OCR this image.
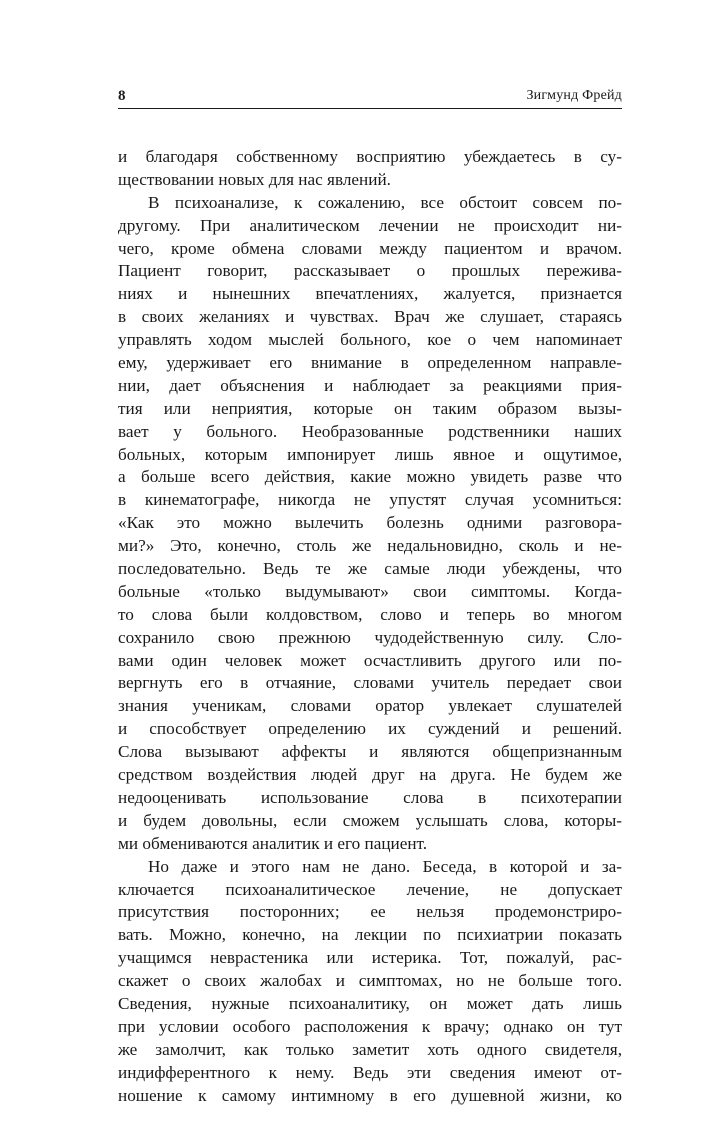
8	Зигмунд Фрейд
и благодаря собственному восприятию убеждаетесь в су-
ществовании новых для нас явлений.
В психоанализе, к сожалению, все обстоит совсем по-
другому. При аналитическом лечении не происходит ни-
чего, кроме обмена словами между пациентом и врачом.
Пациент говорит, рассказывает о прошлых пережива-
ниях и нынешних впечатлениях, жалуется, признается
в своих желаниях и чувствах. Врач же слушает, стараясь
управлять ходом мыслей больного, кое о чем напоминает
ему, удерживает его внимание в определенном направле-
нии, дает объяснения и наблюдает за реакциями прия-
тия или неприятия, которые он таким образом вызы-
вает у больного. Необразованные родственники наших
больных, которым импонирует лишь явное и ощутимое,
а больше всего действия, какие можно увидеть разве что
в кинематографе, никогда не упустят случая усомниться:
«Как это можно вылечить болезнь одними разговора-
ми?» Это, конечно, столь же недальновидно, сколь и не-
последовательно. Ведь те же самые люди убеждены, что
больные «только выдумывают» свои симптомы. Когда-
то слова были колдовством, слово и теперь во многом
сохранило свою прежнюю чудодейственную силу. Сло-
вами один человек может осчастливить другого или по-
вергнуть его в отчаяние, словами учитель передает свои
знания ученикам, словами оратор увлекает слушателей
и способствует определению их суждений и решений.
Слова вызывают аффекты и являются общепризнанным
средством воздействия людей друг на друга. Не будем же
недооценивать использование слова в психотерапии
и будем довольны, если сможем услышать слова, которы-
ми обмениваются аналитик и его пациент.
Но даже и этого нам не дано. Беседа, в которой и за-
ключается психоаналитическое лечение, не допускает
присутствия посторонних; ее нельзя продемонстриро-
вать. Можно, конечно, на лекции по психиатрии показать
учащимся неврастеника или истерика. Тот, пожалуй, рас-
скажет о своих жалобах и симптомах, но не больше того.
Сведения, нужные психоаналитику, он может дать лишь
при условии особого расположения к врачу; однако он тут
же замолчит, как только заметит хоть одного свидетеля,
индифферентного к нему. Ведь эти сведения имеют от-
ношение к самому интимному в его душевной жизни, ко
